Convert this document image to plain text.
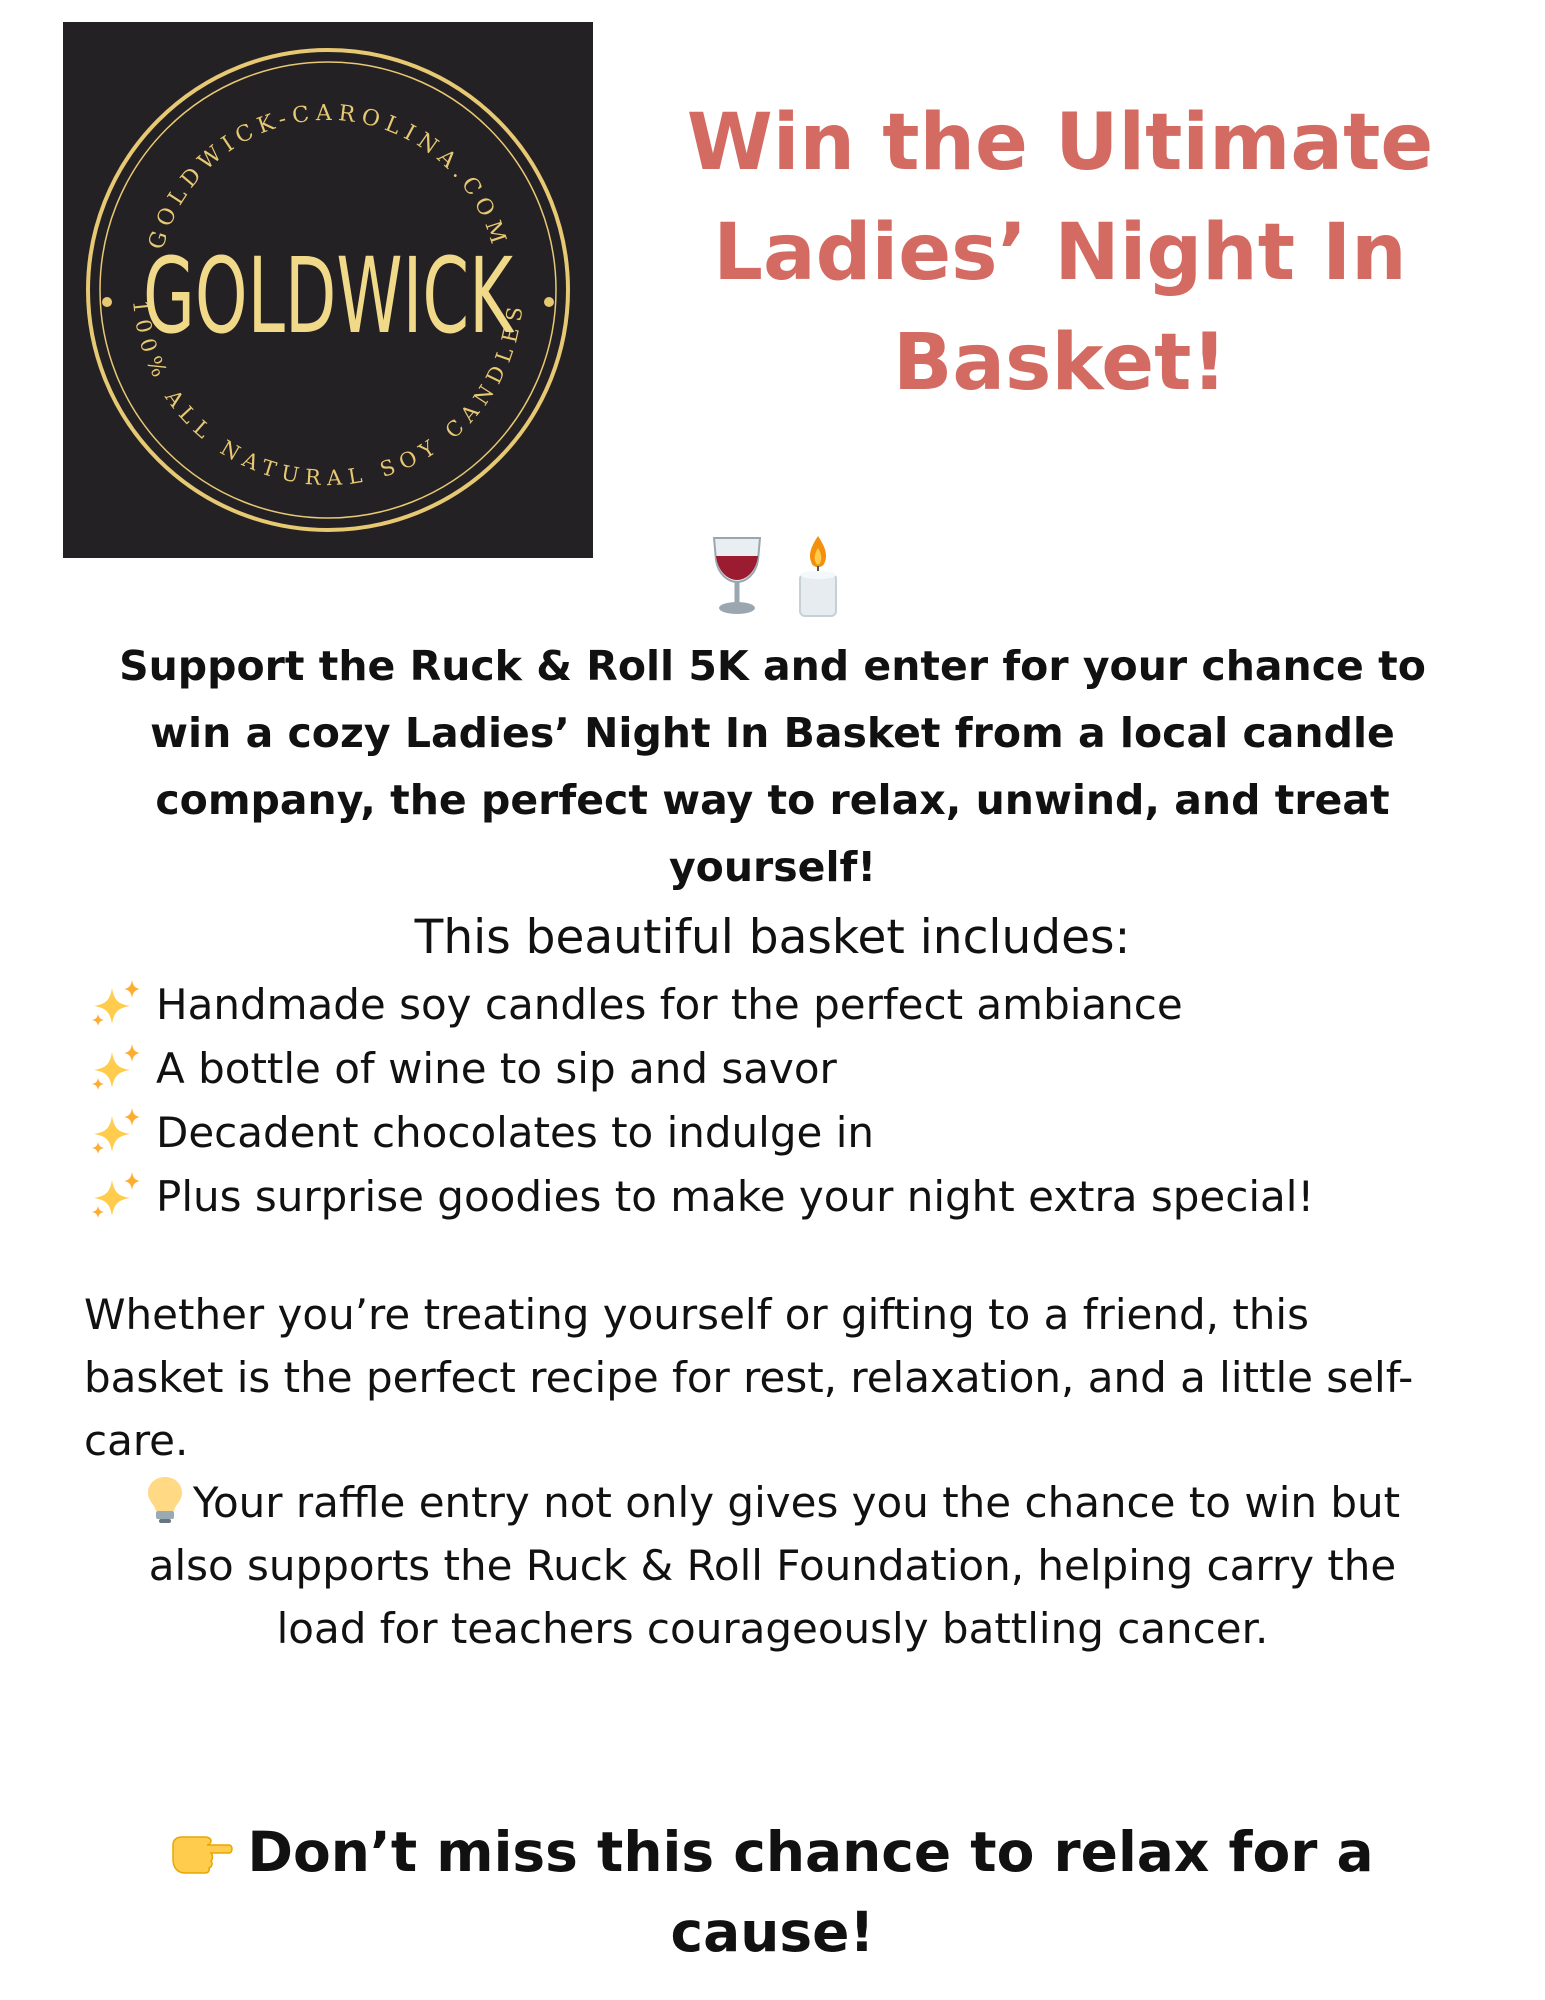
GOLDWICK-CAROLINA.COM
100% ALL NATURAL SOY CANDLES
GOLDWICK
Win the Ultimate
Ladies’ Night In
Basket!

Support the Ruck & Roll 5K and enter for your chance to
win a cozy Ladies’ Night In Basket from a local candle
company, the perfect way to relax, unwind, and treat
yourself!

This beautiful basket includes:
Handmade soy candles for the perfect ambiance
A bottle of wine to sip and savor
Decadent chocolates to indulge in
Plus surprise goodies to make your night extra special!

Whether you’re treating yourself or gifting to a friend, this
basket is the perfect recipe for rest, relaxation, and a little self-
care.

Your raffle entry not only gives you the chance to win but
also supports the Ruck & Roll Foundation, helping carry the
load for teachers courageously battling cancer.

Don’t miss this chance to relax for a cause!
